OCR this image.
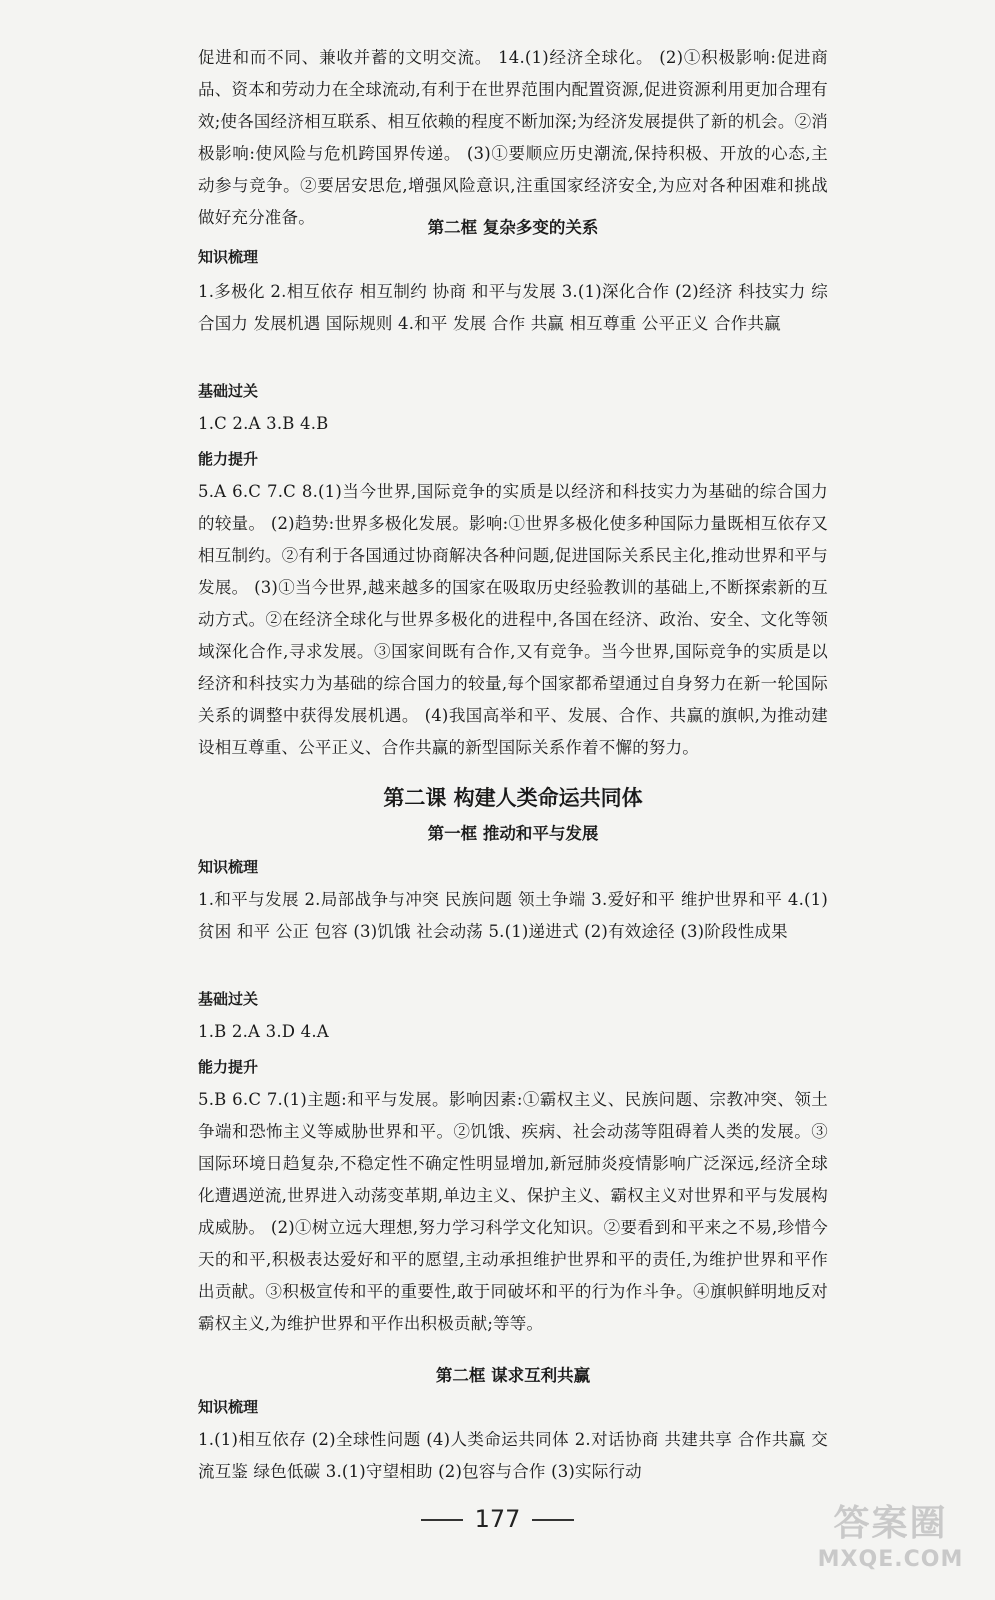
促进和而不同、兼收并蓄的文明交流。 14.(1)经济全球化。 (2)①积极影响:促进商品、资本和劳动力在全球流动,有利于在世界范围内配置资源,促进资源利用更加合理有效;使各国经济相互联系、相互依赖的程度不断加深;为经济发展提供了新的机会。②消极影响:使风险与危机跨国界传递。 (3)①要顺应历史潮流,保持积极、开放的心态,主动参与竞争。②要居安思危,增强风险意识,注重国家经济安全,为应对各种困难和挑战做好充分准备。
第二框 复杂多变的关系
知识梳理
1.多极化 2.相互依存 相互制约 协商 和平与发展 3.(1)深化合作 (2)经济 科技实力 综合国力 发展机遇 国际规则 4.和平 发展 合作 共赢 相互尊重 公平正义 合作共赢
基础过关
1.C 2.A 3.B 4.B
能力提升
5.A 6.C 7.C 8.(1)当今世界,国际竞争的实质是以经济和科技实力为基础的综合国力的较量。 (2)趋势:世界多极化发展。影响:①世界多极化使多种国际力量既相互依存又相互制约。②有利于各国通过协商解决各种问题,促进国际关系民主化,推动世界和平与发展。 (3)①当今世界,越来越多的国家在吸取历史经验教训的基础上,不断探索新的互动方式。②在经济全球化与世界多极化的进程中,各国在经济、政治、安全、文化等领域深化合作,寻求发展。③国家间既有合作,又有竞争。当今世界,国际竞争的实质是以经济和科技实力为基础的综合国力的较量,每个国家都希望通过自身努力在新一轮国际关系的调整中获得发展机遇。 (4)我国高举和平、发展、合作、共赢的旗帜,为推动建设相互尊重、公平正义、合作共赢的新型国际关系作着不懈的努力。
第二课 构建人类命运共同体
第一框 推动和平与发展
知识梳理
1.和平与发展 2.局部战争与冲突 民族问题 领土争端 3.爱好和平 维护世界和平 4.(1)贫困 和平 公正 包容 (3)饥饿 社会动荡 5.(1)递进式 (2)有效途径 (3)阶段性成果
基础过关
1.B 2.A 3.D 4.A
能力提升
5.B 6.C 7.(1)主题:和平与发展。影响因素:①霸权主义、民族问题、宗教冲突、领土争端和恐怖主义等威胁世界和平。②饥饿、疾病、社会动荡等阻碍着人类的发展。③国际环境日趋复杂,不稳定性不确定性明显增加,新冠肺炎疫情影响广泛深远,经济全球化遭遇逆流,世界进入动荡变革期,单边主义、保护主义、霸权主义对世界和平与发展构成威胁。 (2)①树立远大理想,努力学习科学文化知识。②要看到和平来之不易,珍惜今天的和平,积极表达爱好和平的愿望,主动承担维护世界和平的责任,为维护世界和平作出贡献。③积极宣传和平的重要性,敢于同破坏和平的行为作斗争。④旗帜鲜明地反对霸权主义,为维护世界和平作出积极贡献;等等。
第二框 谋求互利共赢
知识梳理
1.(1)相互依存 (2)全球性问题 (4)人类命运共同体 2.对话协商 共建共享 合作共赢 交流互鉴 绿色低碳 3.(1)守望相助 (2)包容与合作 (3)实际行动
177	答案圈
MXQE.COM
